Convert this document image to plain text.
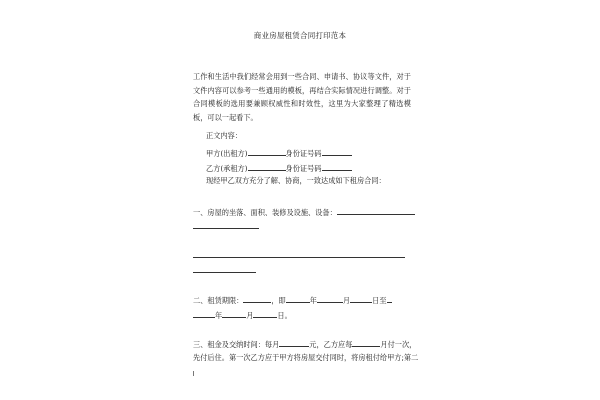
商业房屋租赁合同打印范本
工作和生活中我们经常会用到一些合同、申请书、协议等文件，对于文件内容可以参考一些通用的模板，再结合实际情况进行调整。对于合同模板的选用要兼顾权威性和时效性，这里为大家整理了精选模板，可以一起看下。
正文内容：
甲方(出租方)	身份证号码
乙方(承租方)	身份证号码
现经甲乙双方充分了解、协商，一致达成如下租房合同：
一、房屋的坐落、面积、装修及设施、设备：
二、租赁期限：	，即	年	月	日至
年	月	日。
三、租金及交纳时间：每月	元，乙方应每	月付一次，
先付后住。第一次乙方应于甲方将房屋交付同时，将房租付给甲方;第二
